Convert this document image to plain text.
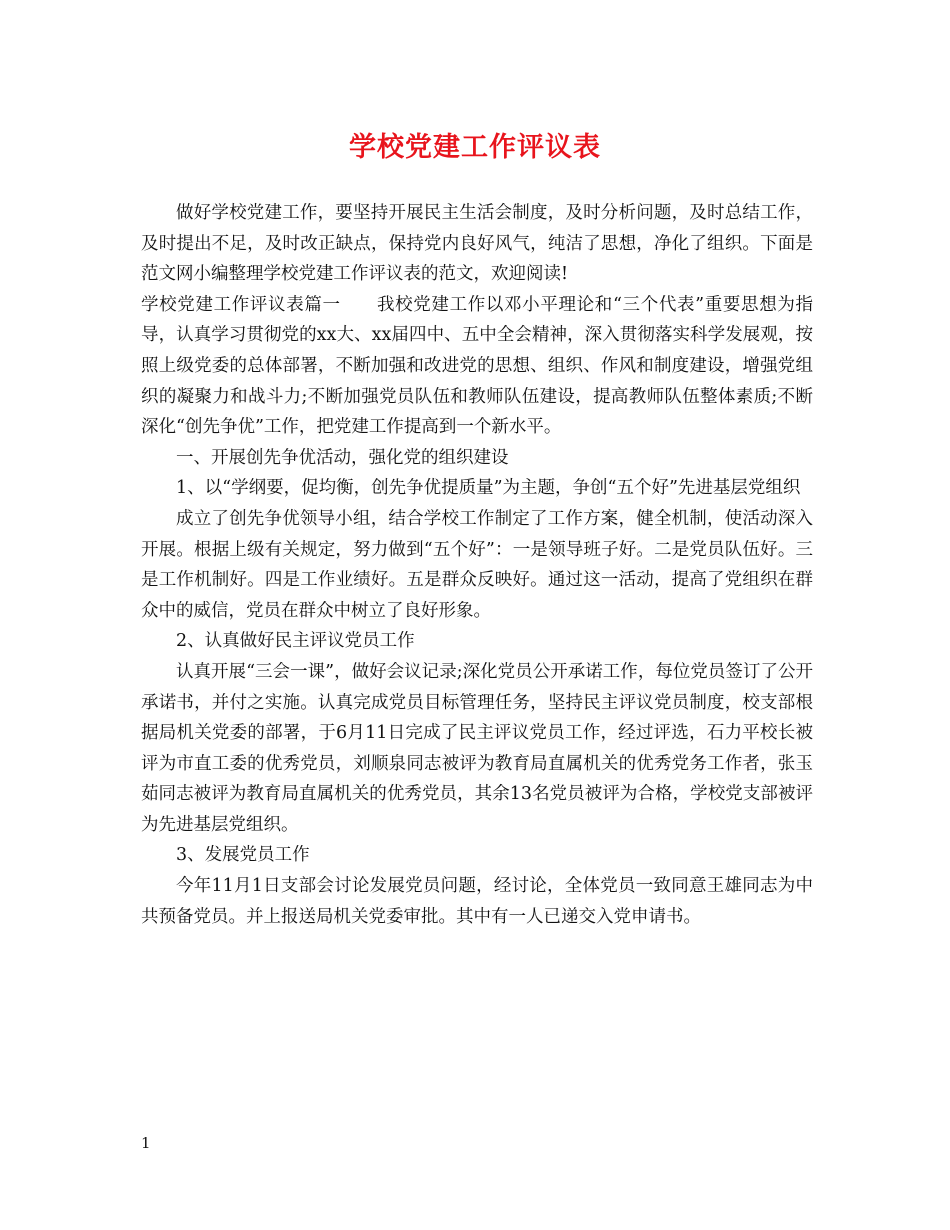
学校党建工作评议表

做好学校党建工作，要坚持开展民主生活会制度，及时分析问题，及时总结工作，及时提出不足，及时改正缺点，保持党内良好风气，纯洁了思想，净化了组织。下面是范文网小编整理学校党建工作评议表的范文，欢迎阅读!

学校党建工作评议表篇一　　我校党建工作以邓小平理论和“三个代表”重要思想为指导，认真学习贯彻党的xx大、xx届四中、五中全会精神，深入贯彻落实科学发展观，按照上级党委的总体部署，不断加强和改进党的思想、组织、作风和制度建设，增强党组织的凝聚力和战斗力;不断加强党员队伍和教师队伍建设，提高教师队伍整体素质;不断深化“创先争优”工作，把党建工作提高到一个新水平。

一、开展创先争优活动，强化党的组织建设

1、以“学纲要，促均衡，创先争优提质量”为主题，争创“五个好”先进基层党组织

成立了创先争优领导小组，结合学校工作制定了工作方案，健全机制，使活动深入开展。根据上级有关规定，努力做到“五个好”：一是领导班子好。二是党员队伍好。三是工作机制好。四是工作业绩好。五是群众反映好。通过这一活动，提高了党组织在群众中的威信，党员在群众中树立了良好形象。

2、认真做好民主评议党员工作

认真开展“三会一课”，做好会议记录;深化党员公开承诺工作，每位党员签订了公开承诺书，并付之实施。认真完成党员目标管理任务，坚持民主评议党员制度，校支部根据局机关党委的部署，于6月11日完成了民主评议党员工作，经过评选，石力平校长被评为市直工委的优秀党员，刘顺泉同志被评为教育局直属机关的优秀党务工作者，张玉茹同志被评为教育局直属机关的优秀党员，其余13名党员被评为合格，学校党支部被评为先进基层党组织。

3、发展党员工作

今年11月1日支部会讨论发展党员问题，经讨论，全体党员一致同意王雄同志为中共预备党员。并上报送局机关党委审批。其中有一人已递交入党申请书。

1
